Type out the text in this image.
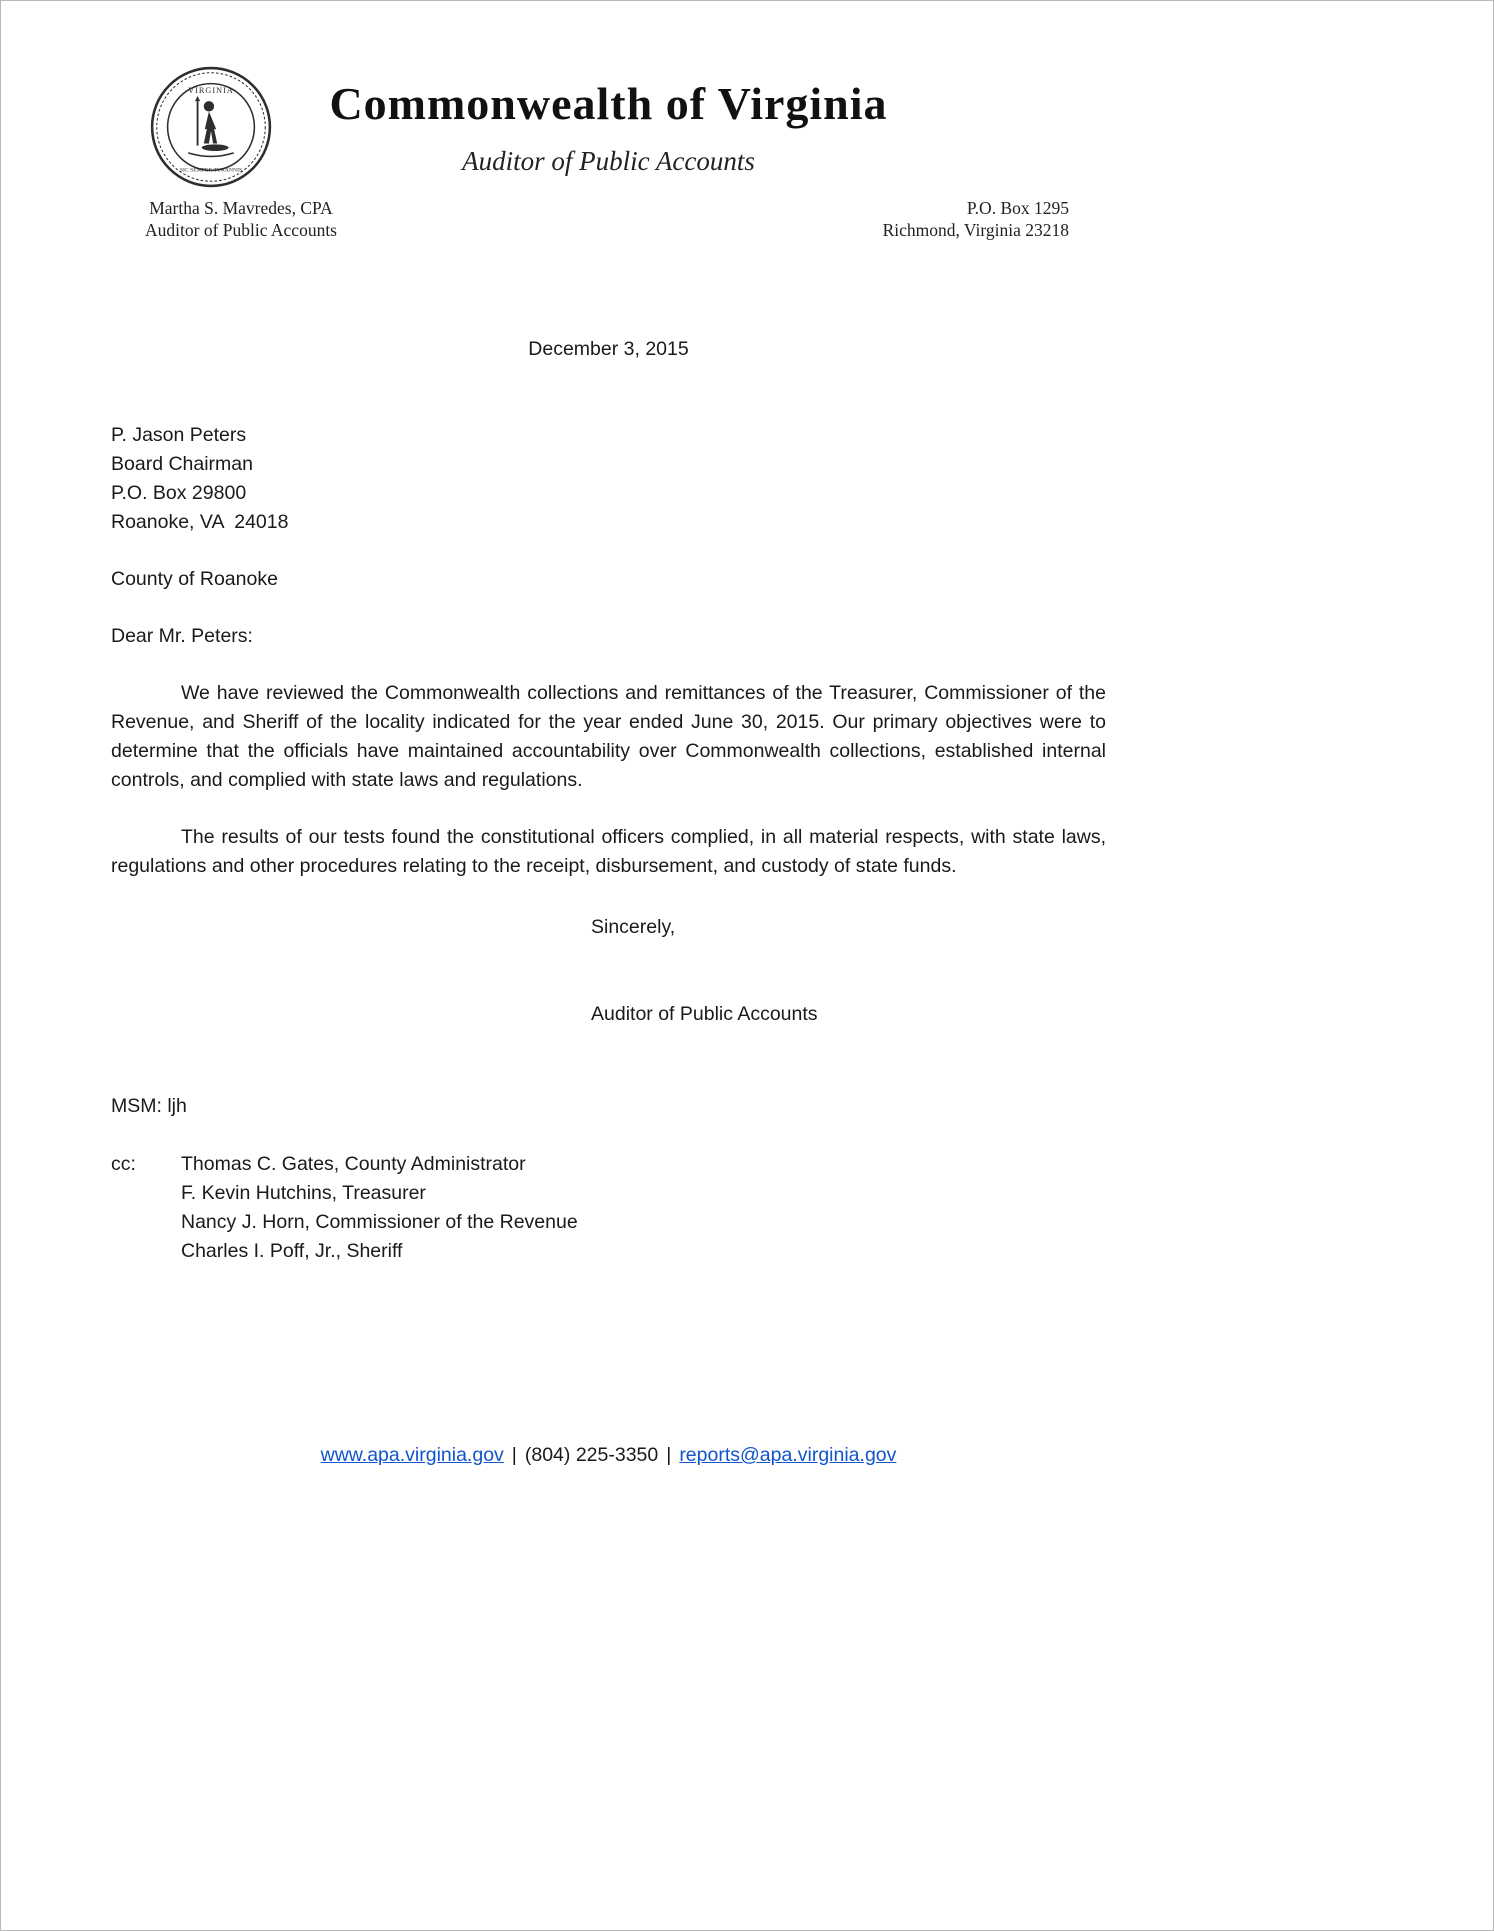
VIRGINIA
SIC SEMPER TYRANNIS
Commonwealth of Virginia
Auditor of Public Accounts
Martha S. Mavredes, CPA
Auditor of Public Accounts
P.O. Box 1295
Richmond, Virginia 23218

December 3, 2015

P. Jason Peters
Board Chairman
P.O. Box 29800
Roanoke, VA  24018

County of Roanoke

Dear Mr. Peters:

We have reviewed the Commonwealth collections and remittances of the Treasurer, Commissioner of the Revenue, and Sheriff of the locality indicated for the year ended June 30, 2015. Our primary objectives were to determine that the officials have maintained accountability over Commonwealth collections, established internal controls, and complied with state laws and regulations.

The results of our tests found the constitutional officers complied, in all material respects, with state laws, regulations and other procedures relating to the receipt, disbursement, and custody of state funds.

Sincerely,

Auditor of Public Accounts

MSM: ljh

cc:	Thomas C. Gates, County Administrator
F. Kevin Hutchins, Treasurer
Nancy J. Horn, Commissioner of the Revenue
Charles I. Poff, Jr., Sheriff
www.apa.virginia.gov | (804) 225-3350 | reports@apa.virginia.gov
